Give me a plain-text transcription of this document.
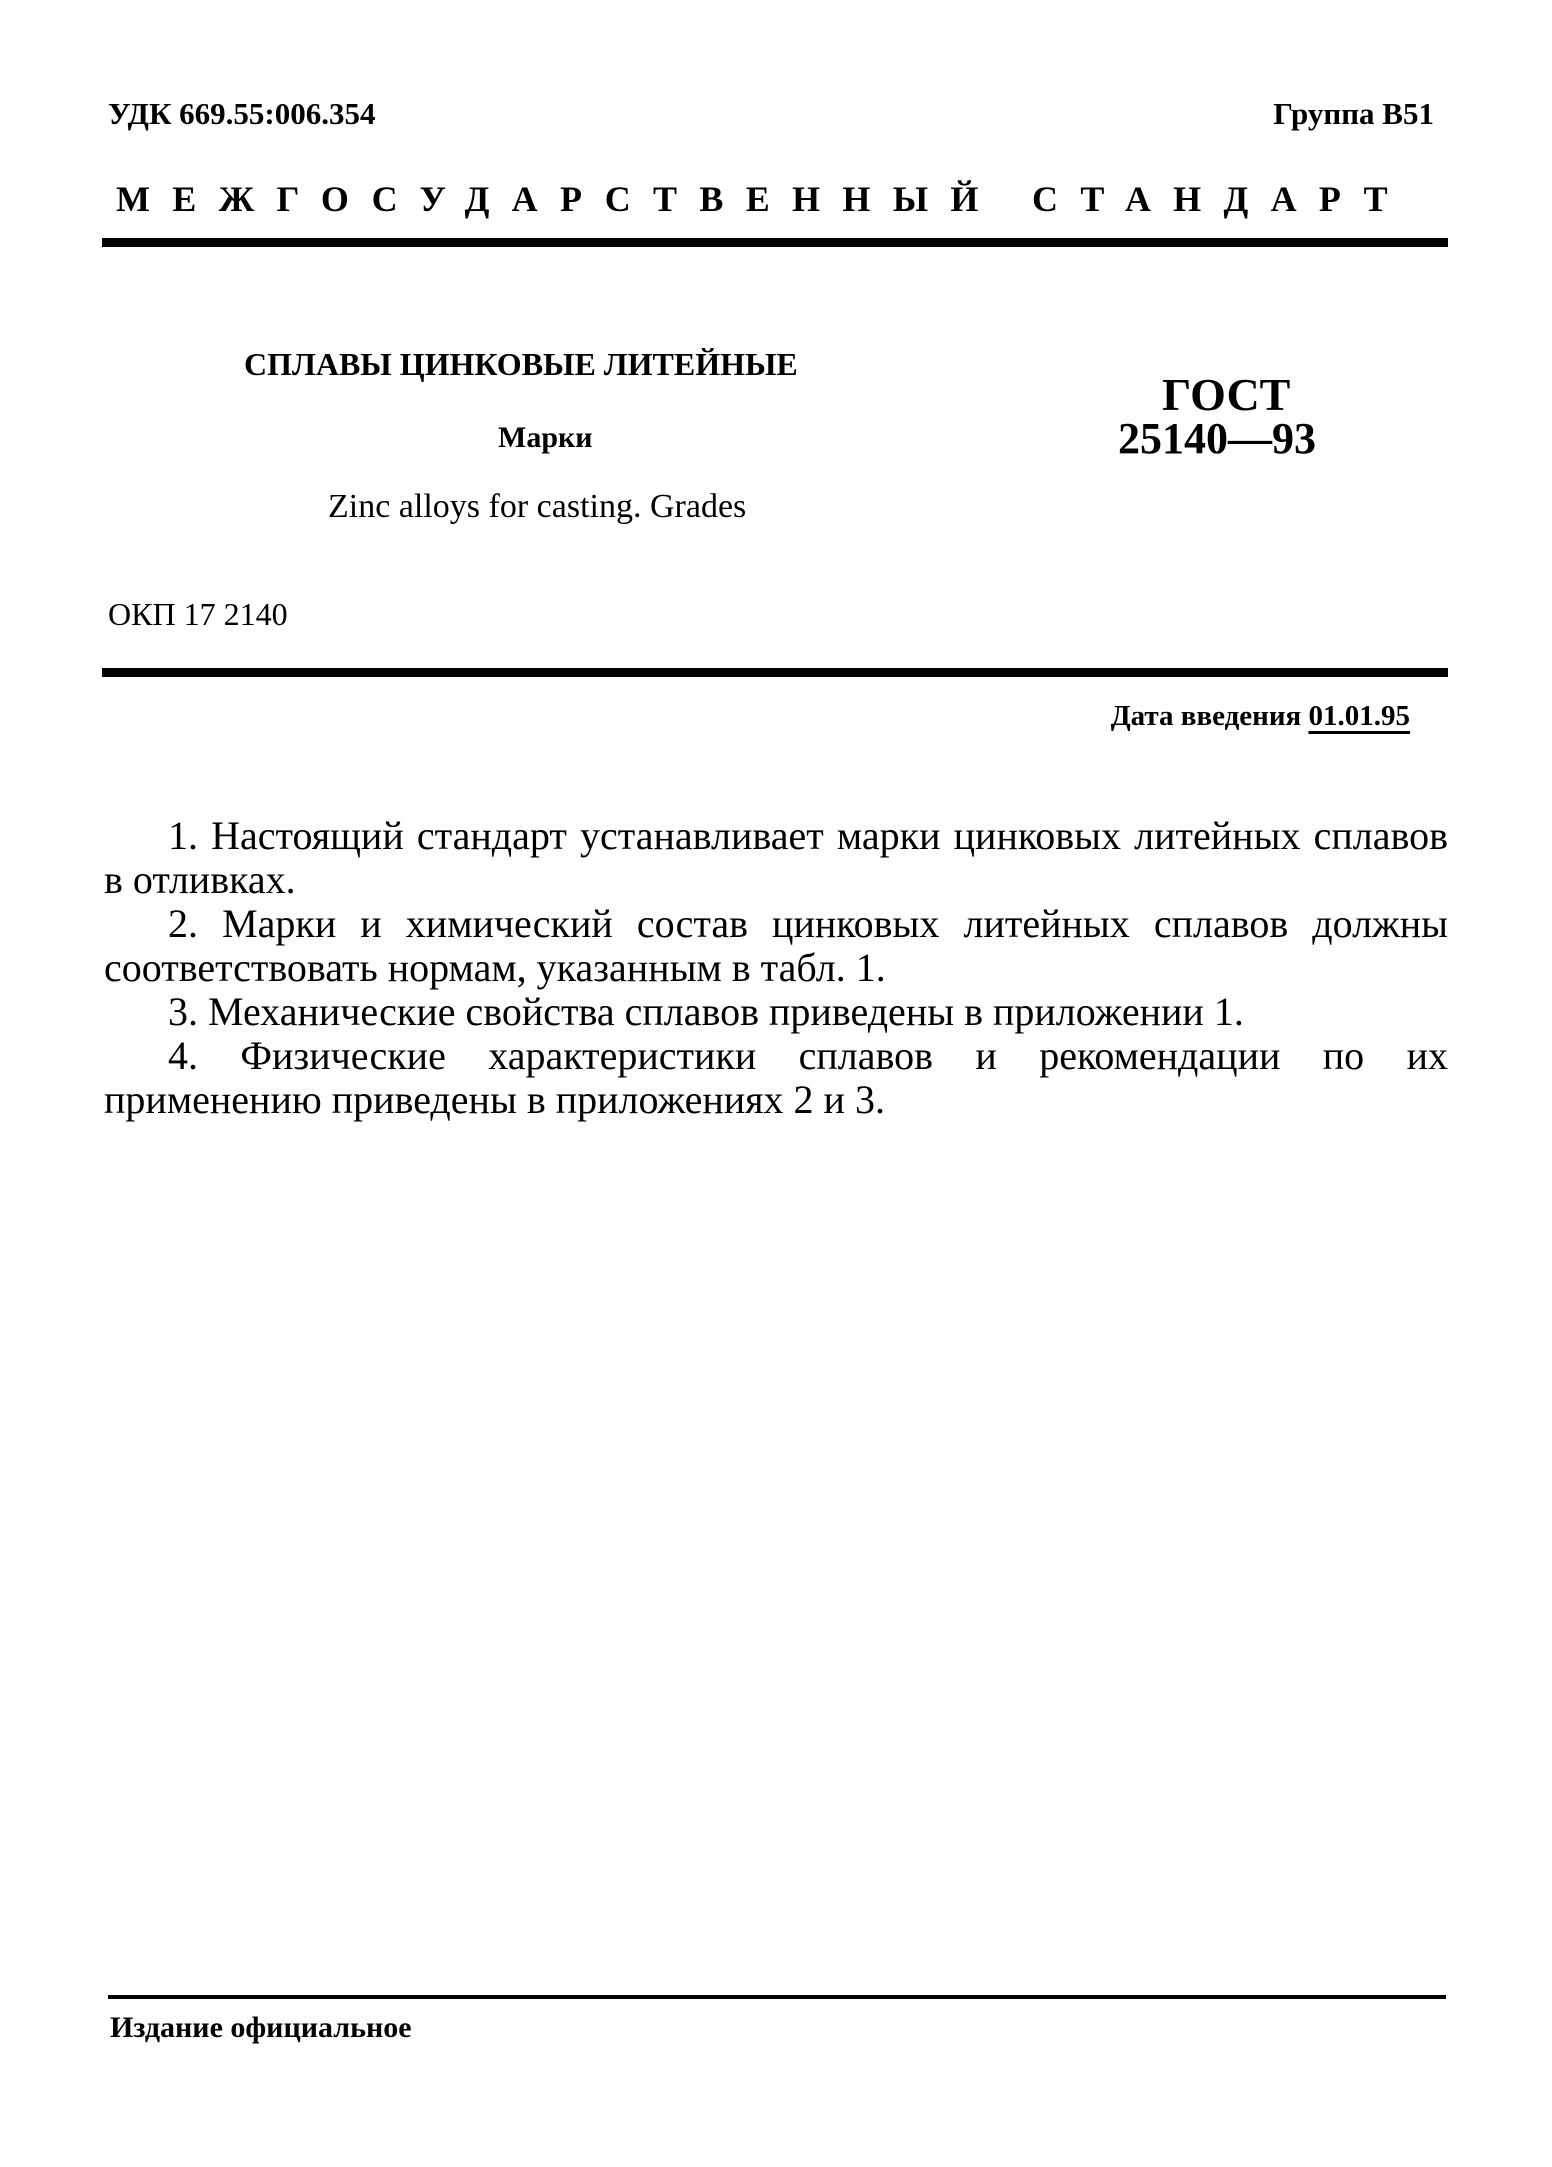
УДК 669.55:006.354	Группа В51
МЕЖГОСУДАРСТВЕННЫЙ СТАНДАРТ
СПЛАВЫ ЦИНКОВЫЕ ЛИТЕЙНЫЕ
Марки
Zinc alloys for casting. Grades
ГОСТ
25140—93
ОКП 17 2140
Дата введения 01.01.95

1. Настоящий стандарт устанавливает марки цинковых литейных сплавов в отливках.

2. Марки и химический состав цинковых литейных сплавов должны соответствовать нормам, указанным в табл. 1.

3. Механические свойства сплавов приведены в приложении 1.

4. Физические характеристики сплавов и рекомендации по их применению приведены в приложениях 2 и 3.

Издание официальное
